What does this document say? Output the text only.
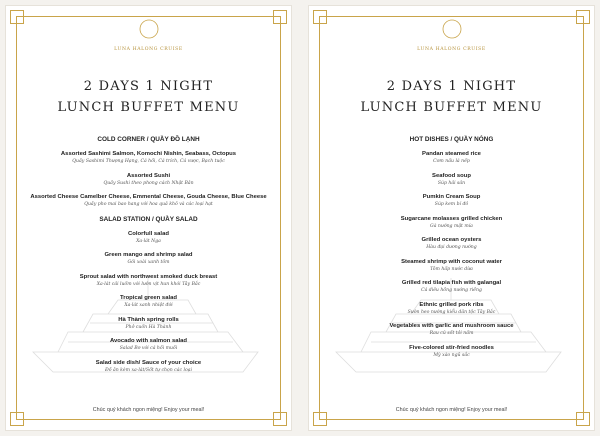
LUNA HALONG CRUISE
2 DAYS 1 NIGHT
LUNCH BUFFET MENU
COLD CORNER / QUẦY ĐỒ LẠNH
Assorted Sashimi Salmon, Komochi Nishin, Seabass, Octopus
Quầy Sashimi Thượng Hạng, Cá hồi, Cá trích, Cá vược, Bạch tuộc
Assorted Sushi
Quầy Sushi theo phong cách Nhật Bản
Assorted Cheese Camelber Cheese, Emmental Cheese, Gouda Cheese, Blue Cheese
Quầy pho mai bao hang với hoa quả khô và các loại hạt
SALAD STATION / QUẦY SALAD
Colorfull salad
Xa-lát Nga
Green mango and shrimp salad
Gỏi xoài xanh tôm
Sprout salad with northwest smoked duck breast
Xa-lát cải luốm với lườn vịt hun khói Tây Bắc
Tropical green salad
Xa-lát xanh nhiệt đới
Hà Thành spring rolls
Phở cuốn Hà Thành
Avocado with salmon salad
Salad Bơ với cá hồi muối
Salad side dish/ Sauce of your choice
Đồ ăn kèm xa-lát/Sốt tự chọn các loại
Chúc quý khách ngon miệng! Enjoy your meal!
LUNA HALONG CRUISE
2 DAYS 1 NIGHT
LUNCH BUFFET MENU
HOT DISHES / QUẦY NÓNG
Pandan steamed rice
Cơm nấu lá nếp
Seafood soup
Súp hải sản
Pumkin Cream Soup
Súp kem bí đỏ
Sugarcane molasses grilled chicken
Gà nướng mật mía
Grilled ocean oysters
Hàu đại dương nướng
Steamed shrimp with coconut water
Tôm hấp nước dừa
Grilled red tilapia fish with galangal
Cá diêu hồng nướng riềng
Ethnic grilled pork ribs
Sườn heo nướng kiểu dân tộc Tây Bắc
Vegetables with garlic and mushroom sauce
Rau củ sốt tỏi nấm
Five-colored stir-fried noodles
Mỳ xào ngũ sắc
Chúc quý khách ngon miệng! Enjoy your meal!
